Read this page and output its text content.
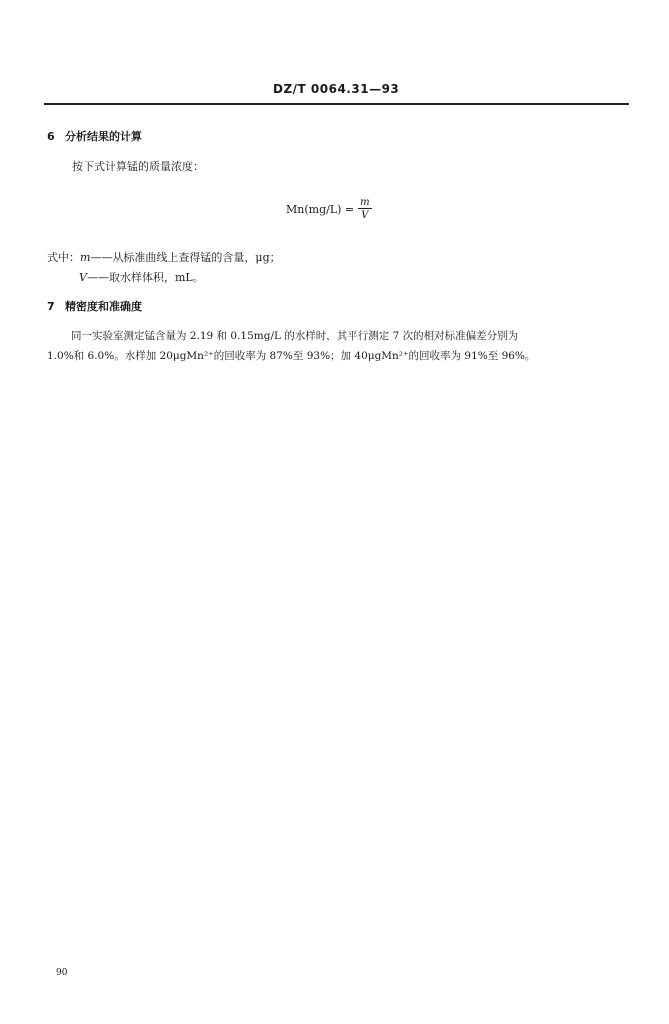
DZ/T 0064.31—93
6 分析结果的计算
按下式计算锰的质量浓度：
$Mn(mg/L) = \frac{m}{V}$
式中：m——从标准曲线上查得锰的含量，μg；
V——取水样体积，mL。
7 精密度和准确度
同一实验室测定锰含量为 2.19 和 0.15mg/L 的水样时，其平行测定 7 次的相对标准偏差分别为
1.0%和 6.0%。水样加 20μgMn²⁺的回收率为 87%至 93%；加 40μgMn²⁺的回收率为 91%至 96%。
90
